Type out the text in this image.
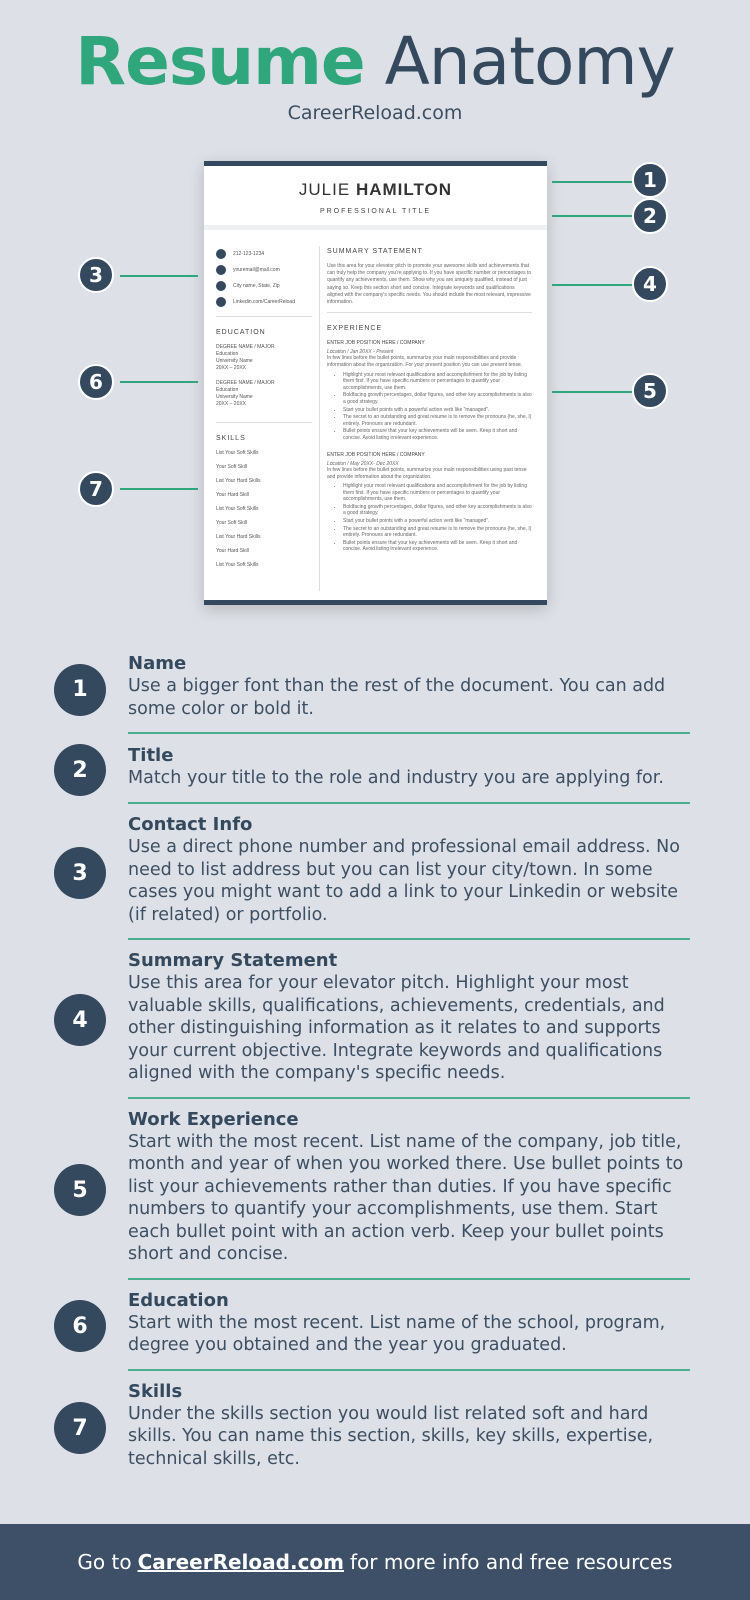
Resume Anatomy
CareerReload.com
JULIE HAMILTON
PROFESSIONAL TITLE
212-123-1234
youremail@mail.com
City name, State, Zip
Linkedin.com/CareerReload
EDUCATION
DEGREE NAME / MAJOR
Education
University Name
20XX – 20XX
DEGREE NAME / MAJOR
Education
University Name
20XX – 20XX
SKILLS
List Your Soft Skills
Your Soft Skill
List Your Hard Skills
Your Hard Skill
List Your Soft Skills
Your Soft Skill
List Your Hard Skills
Your Hard Skill
List Your Soft Skills
SUMMARY STATEMENT
Use this area for your elevator pitch to promote your awesome skills and achievements that can truly help the company you're applying to. If you have specific number or percentages to quantify any achievements, use them. Show why you are uniquely qualified, instead of just saying so. Keep this section short and concise. Integrate keywords and qualifications aligned with the company's specific needs. You should include the most relevant, impressive information.
EXPERIENCE
ENTER JOB POSITION HERE / COMPANY
Location / Jan 20XX - Present
In few lines before the bullet points, summarize your main responsibilities and provide information about the organization. For your present position you can use present tense.
• Highlight your most relevant qualifications and accomplishment for the job by listing them first. If you have specific numbers or percentages to quantify your accomplishments, use them.
• Boldfacing growth percentages, dollar figures, and other key accomplishments is also a good strategy.
• Start your bullet points with a powerful action verb like "managed".
• The secret to an outstanding and great resume is to remove the pronouns (he, she, I) entirely. Pronouns are redundant.
• Bullet points ensure that your key achievements will be seen. Keep it short and concise. Avoid listing irrelevant experience.
ENTER JOB POSITION HERE / COMPANY
Location / May 20XX- Dec 20XX
In few lines before the bullet points, summarize your main responsibilities using past tense and provide information about the organization.
• Highlight your most relevant qualifications and accomplishment for the job by listing them first. If you have specific numbers or percentages to quantify your accomplishments, use them.
• Boldfacing growth percentages, dollar figures, and other key accomplishments is also a good strategy.
• Start your bullet points with a powerful action verb like "managed".
• The secret to an outstanding and great resume is to remove the pronouns (he, she, I) entirely. Pronouns are redundant.
• Bullet points ensure that your key achievements will be seen. Keep it short and concise. Avoid listing irrelevant experience.
1
2
3	4
5
6
7
1
Name
Use a bigger font than the rest of the document. You can add some color or bold it.
2
Title
Match your title to the role and industry you are applying for.
3
Contact Info
Use a direct phone number and professional email address. No need to list address but you can list your city/town. In some cases you might want to add a link to your Linkedin or website (if related) or portfolio.
4
Summary Statement
Use this area for your elevator pitch. Highlight your most valuable skills, qualifications, achievements, credentials, and other distinguishing information as it relates to and supports your current objective. Integrate keywords and qualifications aligned with the company's specific needs.
5
Work Experience
Start with the most recent. List name of the company, job title, month and year of when you worked there. Use bullet points to list your achievements rather than duties. If you have specific numbers to quantify your accomplishments, use them. Start each bullet point with an action verb. Keep your bullet points short and concise.
6
Education
Start with the most recent. List name of the school, program, degree you obtained and the year you graduated.
7
Skills
Under the skills section you would list related soft and hard skills. You can name this section, skills, key skills, expertise, technical skills, etc.
Go to CareerReload.com for more info and free resources
